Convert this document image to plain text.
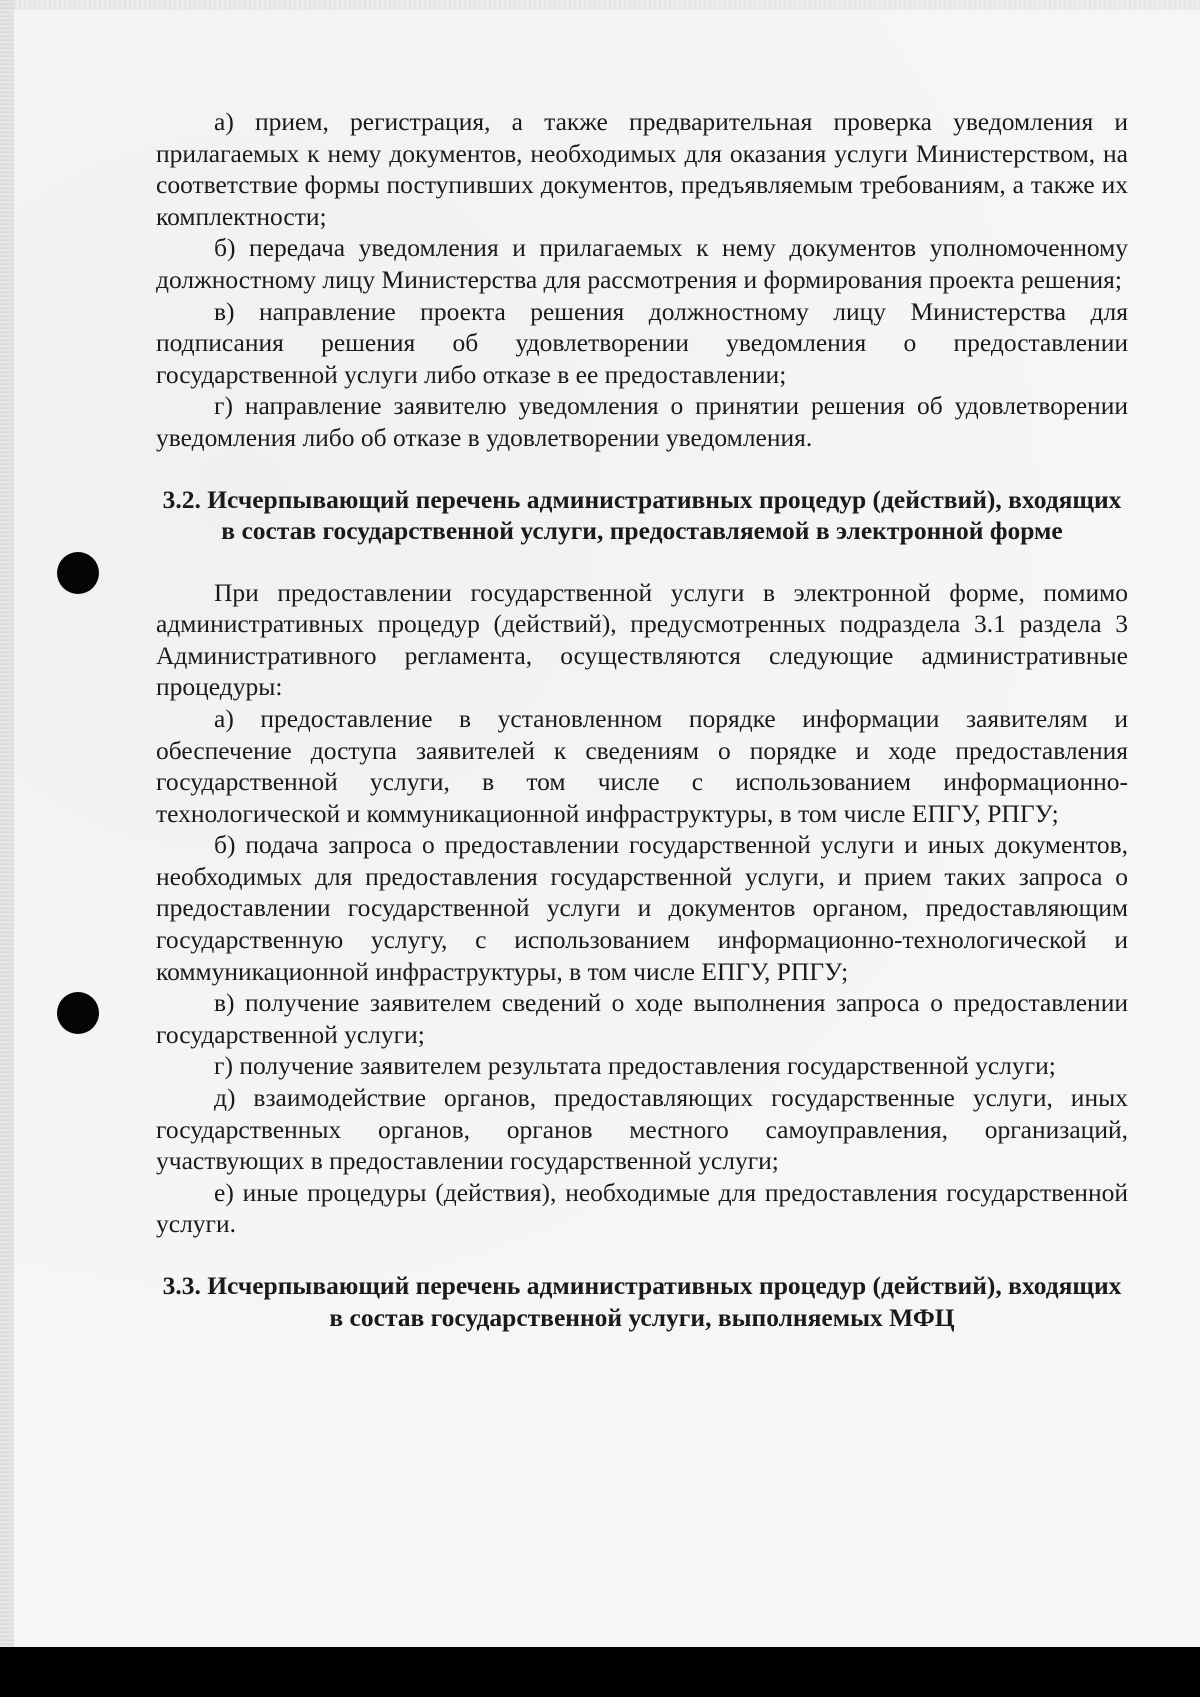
а) прием, регистрация, а также предварительная проверка уведомления и прилагаемых к нему документов, необходимых для оказания услуги Министерством, на соответствие формы поступивших документов, предъявляемым требованиям, а также их комплектности;

б) передача уведомления и прилагаемых к нему документов уполномоченному должностному лицу Министерства для рассмотрения и формирования проекта решения;

в) направление проекта решения должностному лицу Министерства для подписания решения об удовлетворении уведомления о предоставлении государственной услуги либо отказе в ее предоставлении;

г) направление заявителю уведомления о принятии решения об удовлетворении уведомления либо об отказе в удовлетворении уведомления.

3.2. Исчерпывающий перечень административных процедур (действий), входящих в состав государственной услуги, предоставляемой в электронной форме

При предоставлении государственной услуги в электронной форме, помимо административных процедур (действий), предусмотренных подраздела 3.1 раздела 3 Административного регламента, осуществляются следующие административные процедуры:

а) предоставление в установленном порядке информации заявителям и обеспечение доступа заявителей к сведениям о порядке и ходе предоставления государственной услуги, в том числе с использованием информационно-технологической и коммуникационной инфраструктуры, в том числе ЕПГУ, РПГУ;

б) подача запроса о предоставлении государственной услуги и иных документов, необходимых для предоставления государственной услуги, и прием таких запроса о предоставлении государственной услуги и документов органом, предоставляющим государственную услугу, с использованием информационно-технологической и коммуникационной инфраструктуры, в том числе ЕПГУ, РПГУ;

в) получение заявителем сведений о ходе выполнения запроса о предоставлении государственной услуги;

г) получение заявителем результата предоставления государственной услуги;

д) взаимодействие органов, предоставляющих государственные услуги, иных государственных органов, органов местного самоуправления, организаций, участвующих в предоставлении государственной услуги;

е) иные процедуры (действия), необходимые для предоставления государственной услуги.

3.3. Исчерпывающий перечень административных процедур (действий), входящих в состав государственной услуги, выполняемых МФЦ
